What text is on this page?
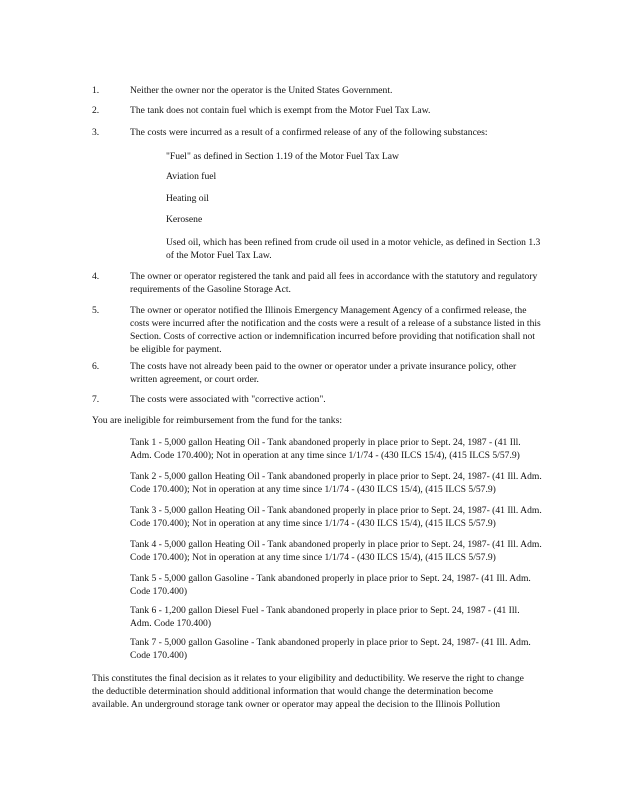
1.	Neither the owner nor the operator is the United States Government.

2.	The tank does not contain fuel which is exempt from the Motor Fuel Tax Law.

3.	The costs were incurred as a result of a confirmed release of any of the following substances:

"Fuel" as defined in Section 1.19 of the Motor Fuel Tax Law

Aviation fuel

Heating oil

Kerosene

Used oil, which has been refined from crude oil used in a motor vehicle, as defined in Section 1.3 of the Motor Fuel Tax Law.

4.	The owner or operator registered the tank and paid all fees in accordance with the statutory and regulatory requirements of the Gasoline Storage Act.

5.	The owner or operator notified the Illinois Emergency Management Agency of a confirmed release, the costs were incurred after the notification and the costs were a result of a release of a substance listed in this Section. Costs of corrective action or indemnification incurred before providing that notification shall not be eligible for payment.

6.	The costs have not already been paid to the owner or operator under a private insurance policy, other written agreement, or court order.

7.	The costs were associated with "corrective action".

You are ineligible for reimbursement from the fund for the tanks:

Tank 1 - 5,000 gallon Heating Oil - Tank abandoned properly in place prior to Sept. 24, 1987 - (41 Ill. Adm. Code 170.400); Not in operation at any time since 1/1/74 - (430 ILCS 15/4), (415 ILCS 5/57.9)

Tank 2 - 5,000 gallon Heating Oil - Tank abandoned properly in place prior to Sept. 24, 1987- (41 Ill. Adm. Code 170.400); Not in operation at any time since 1/1/74 - (430 ILCS 15/4), (415 ILCS 5/57.9)

Tank 3 - 5,000 gallon Heating Oil - Tank abandoned properly in place prior to Sept. 24, 1987- (41 Ill. Adm. Code 170.400); Not in operation at any time since 1/1/74 - (430 ILCS 15/4), (415 ILCS 5/57.9)

Tank 4 - 5,000 gallon Heating Oil - Tank abandoned properly in place prior to Sept. 24, 1987- (41 Ill. Adm. Code 170.400); Not in operation at any time since 1/1/74 - (430 ILCS 15/4), (415 ILCS 5/57.9)

Tank 5 - 5,000 gallon Gasoline - Tank abandoned properly in place prior to Sept. 24, 1987- (41 Ill. Adm. Code 170.400)

Tank 6 - 1,200 gallon Diesel Fuel - Tank abandoned properly in place prior to Sept. 24, 1987 - (41 Ill. Adm. Code 170.400)

Tank 7 - 5,000 gallon Gasoline - Tank abandoned properly in place prior to Sept. 24, 1987- (41 Ill. Adm. Code 170.400)

This constitutes the final decision as it relates to your eligibility and deductibility. We reserve the right to change the deductible determination should additional information that would change the determination become available. An underground storage tank owner or operator may appeal the decision to the Illinois Pollution
